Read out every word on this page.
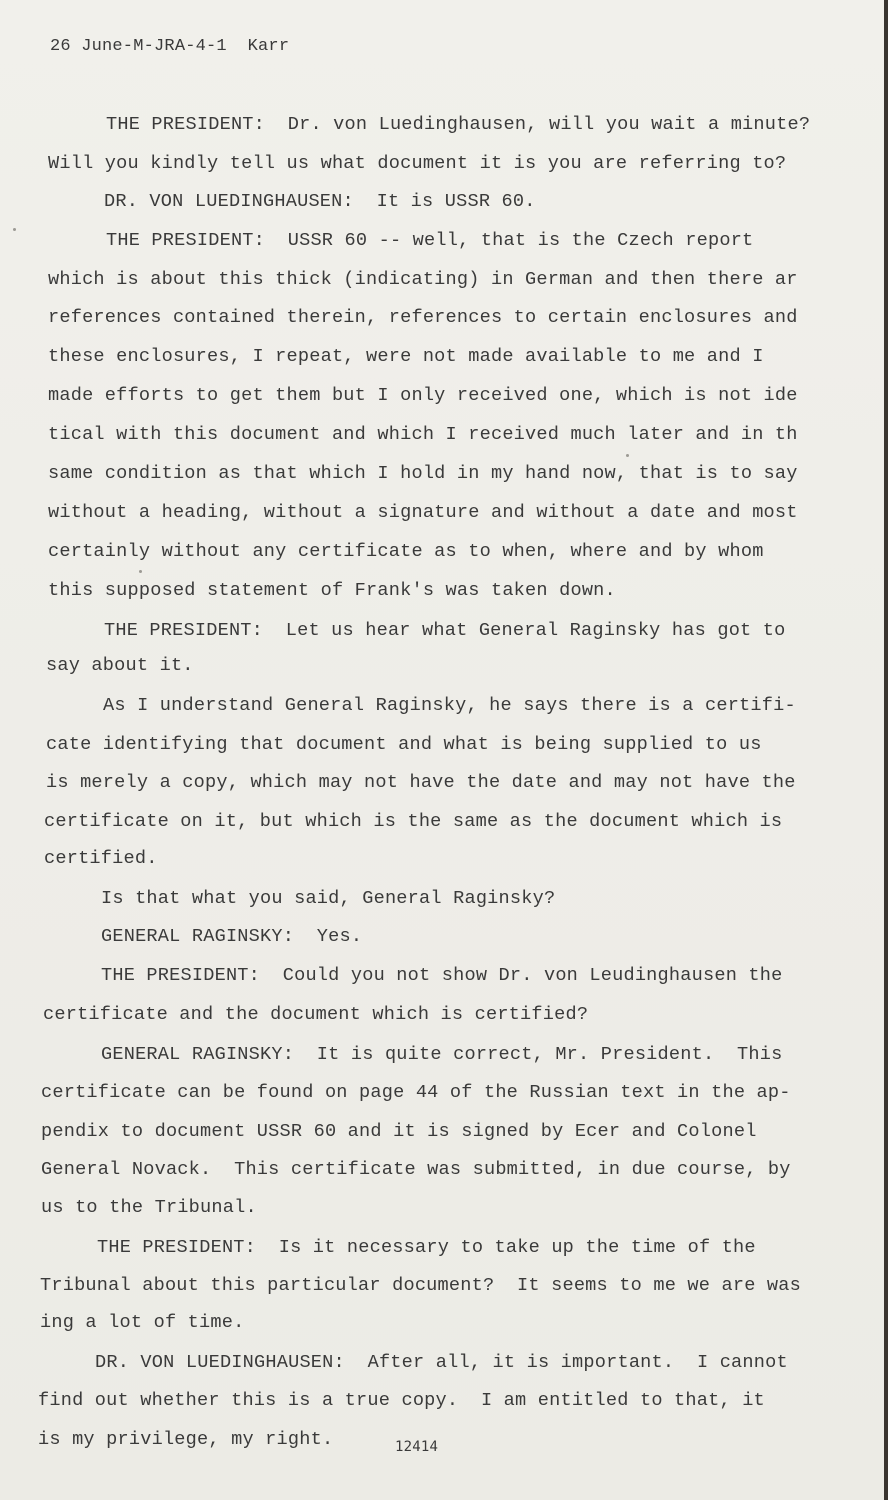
26 June-M-JRA-4-1  Karr
THE PRESIDENT:  Dr. von Luedinghausen, will you wait a minute?
Will you kindly tell us what document it is you are referring to?
DR. VON LUEDINGHAUSEN:  It is USSR 60.
THE PRESIDENT:  USSR 60 -- well, that is the Czech report
which is about this thick (indicating) in German and then there ar
references contained therein, references to certain enclosures and
these enclosures, I repeat, were not made available to me and I
made efforts to get them but I only received one, which is not ide
tical with this document and which I received much later and in th
same condition as that which I hold in my hand now, that is to say
without a heading, without a signature and without a date and most
certainly without any certificate as to when, where and by whom
this supposed statement of Frank's was taken down.
THE PRESIDENT:  Let us hear what General Raginsky has got to
say about it.
As I understand General Raginsky, he says there is a certifi-
cate identifying that document and what is being supplied to us
is merely a copy, which may not have the date and may not have the
certificate on it, but which is the same as the document which is
certified.
Is that what you said, General Raginsky?
GENERAL RAGINSKY:  Yes.
THE PRESIDENT:  Could you not show Dr. von Leudinghausen the
certificate and the document which is certified?
GENERAL RAGINSKY:  It is quite correct, Mr. President.  This
certificate can be found on page 44 of the Russian text in the ap-
pendix to document USSR 60 and it is signed by Ecer and Colonel
General Novack.  This certificate was submitted, in due course, by
us to the Tribunal.
THE PRESIDENT:  Is it necessary to take up the time of the
Tribunal about this particular document?  It seems to me we are was
ing a lot of time.
DR. VON LUEDINGHAUSEN:  After all, it is important.  I cannot
find out whether this is a true copy.  I am entitled to that, it
is my privilege, my right.	12414
